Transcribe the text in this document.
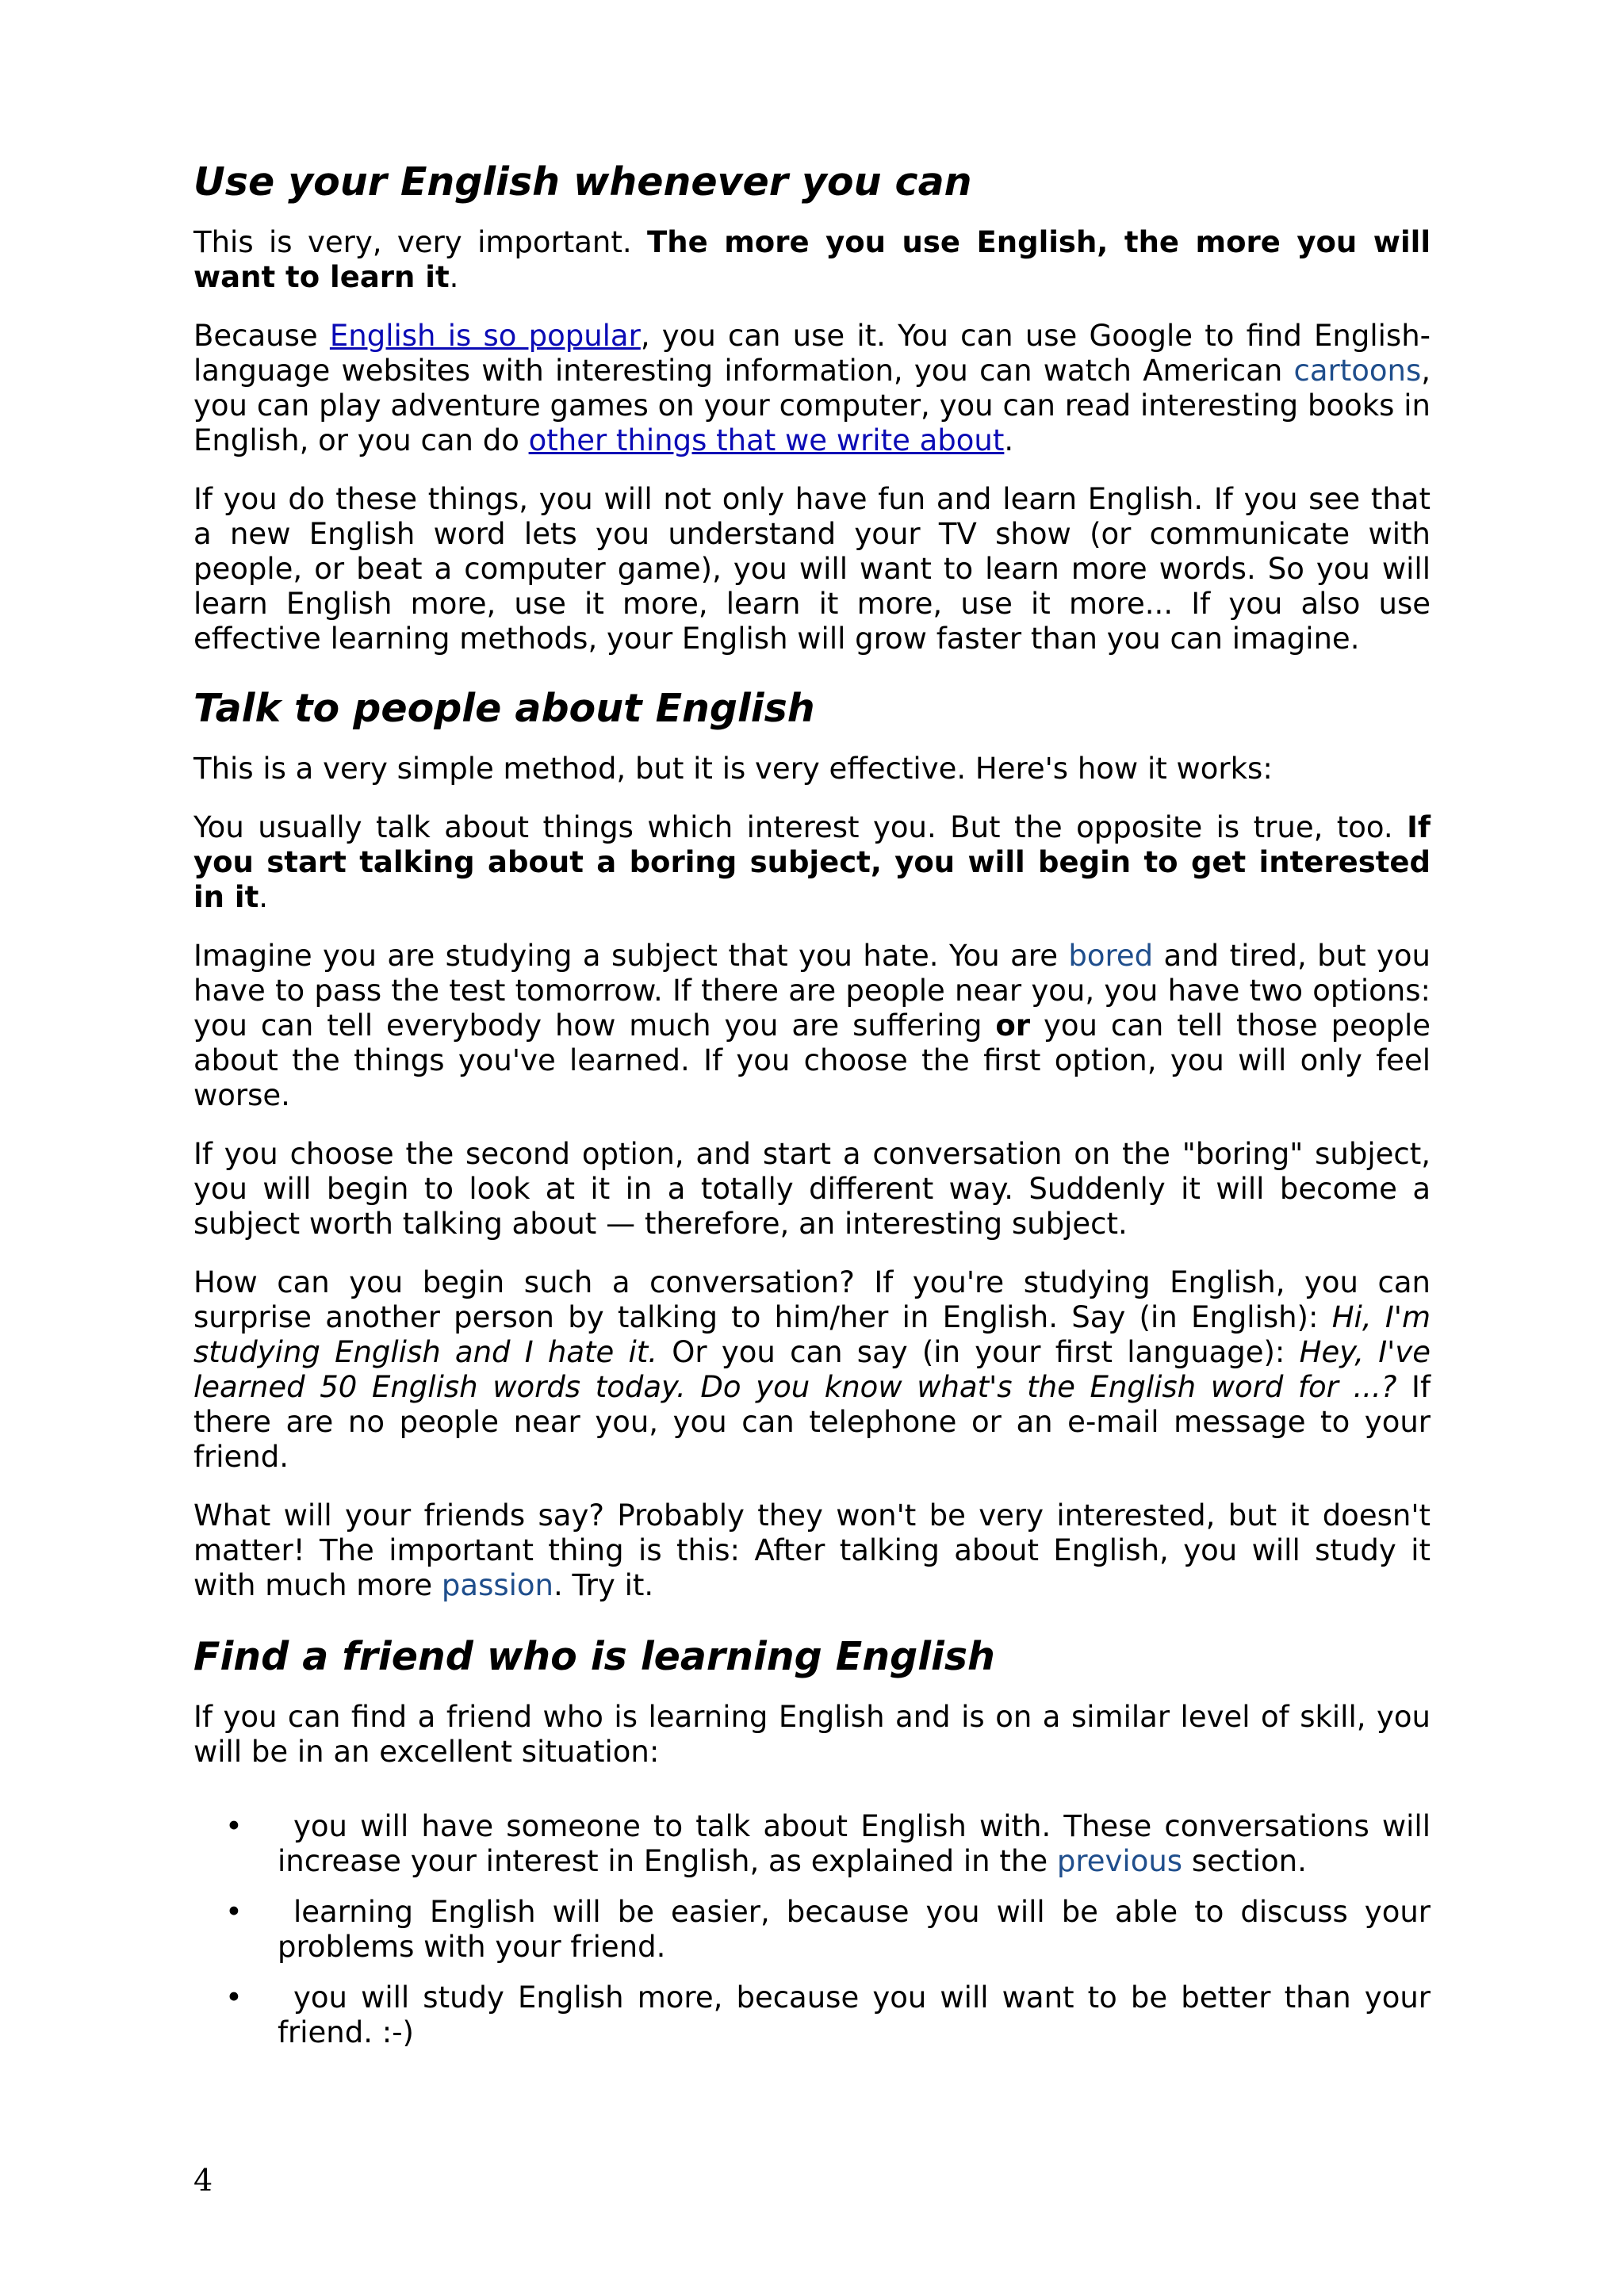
Use your English whenever you can

This is very, very important. The more you use English, the more you will want to learn it.

Because English is so popular, you can use it. You can use Google to find English-language websites with interesting information, you can watch American cartoons, you can play adventure games on your computer, you can read interesting books in English, or you can do other things that we write about.

If you do these things, you will not only have fun and learn English. If you see that a new English word lets you understand your TV show (or communicate with people, or beat a computer game), you will want to learn more words. So you will learn English more, use it more, learn it more, use it more... If you also use effective learning methods, your English will grow faster than you can imagine.

Talk to people about English

This is a very simple method, but it is very effective. Here's how it works:

You usually talk about things which interest you. But the opposite is true, too. If you start talking about a boring subject, you will begin to get interested in it.

Imagine you are studying a subject that you hate. You are bored and tired, but you have to pass the test tomorrow. If there are people near you, you have two options: you can tell everybody how much you are suffering or you can tell those people about the things you've learned. If you choose the first option, you will only feel worse.

If you choose the second option, and start a conversation on the "boring" subject, you will begin to look at it in a totally different way. Suddenly it will become a subject worth talking about — therefore, an interesting subject.

How can you begin such a conversation? If you're studying English, you can surprise another person by talking to him/her in English. Say (in English): Hi, I'm studying English and I hate it. Or you can say (in your first language): Hey, I've learned 50 English words today. Do you know what's the English word for ...? If there are no people near you, you can telephone or an e-mail message to your friend.

What will your friends say? Probably they won't be very interested, but it doesn't matter! The important thing is this: After talking about English, you will study it with much more passion. Try it.

Find a friend who is learning English

If you can find a friend who is learning English and is on a similar level of skill, you will be in an excellent situation:

•	you will have someone to talk about English with. These conversations will increase your interest in English, as explained in the previous section.
•	learning English will be easier, because you will be able to discuss your problems with your friend.
•	you will study English more, because you will want to be better than your friend. :-)
4
